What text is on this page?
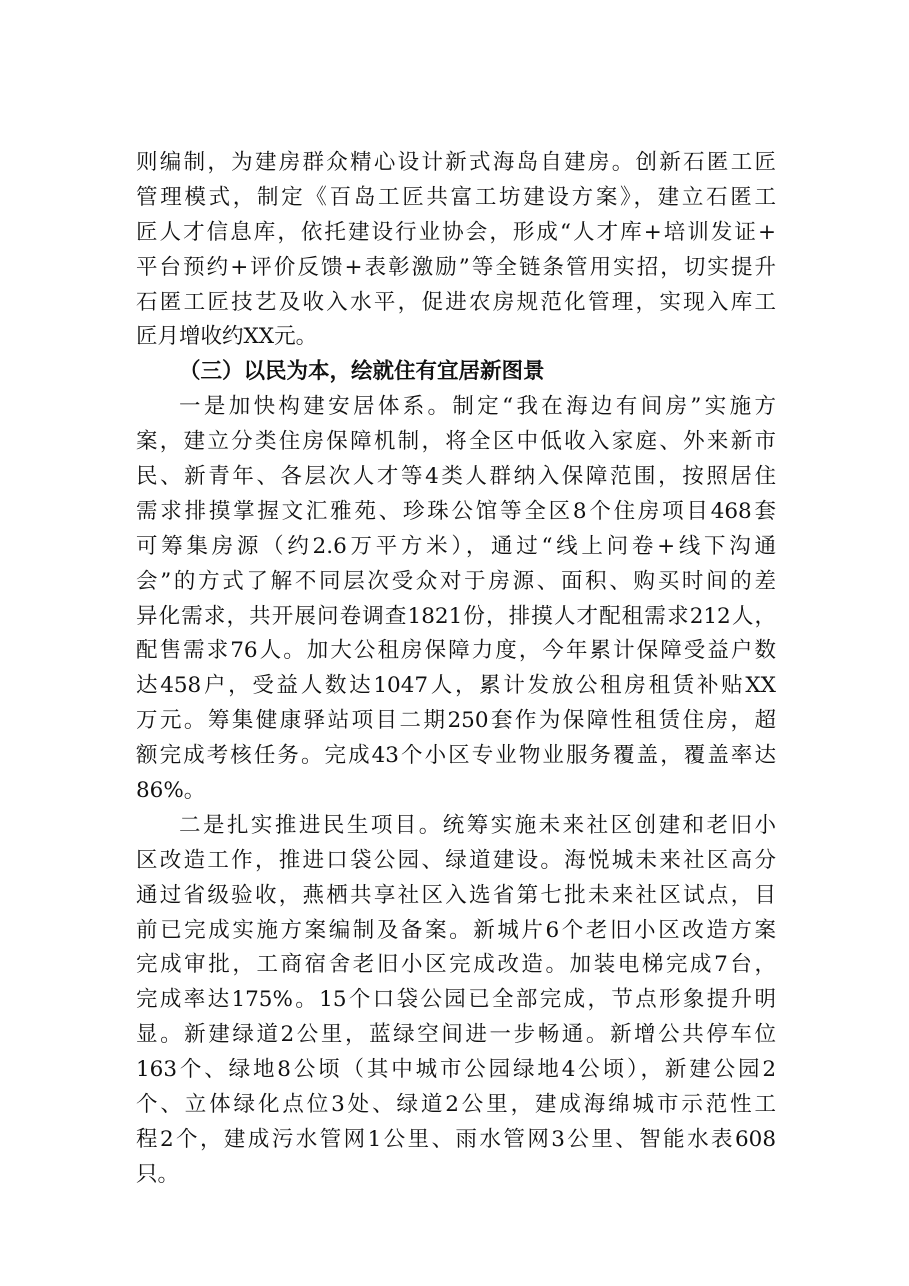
则编制，为建房群众精心设计新式海岛自建房。创新石匿工匠
管理模式，制定《百岛工匠共富工坊建设方案》，建立石匿工
匠人才信息库，依托建设行业协会，形成“人才库+培训发证+
平台预约+评价反馈+表彰激励”等全链条管用实招，切实提升
石匿工匠技艺及收入水平，促进农房规范化管理，实现入库工
匠月增收约XX元。
（三）以民为本，绘就住有宜居新图景
一是加快构建安居体系。制定“我在海边有间房”实施方
案，建立分类住房保障机制，将全区中低收入家庭、外来新市
民、新青年、各层次人才等4类人群纳入保障范围，按照居住
需求排摸掌握文汇雅苑、珍珠公馆等全区8个住房项目468套
可筹集房源（约2.6万平方米），通过“线上问卷+线下沟通
会”的方式了解不同层次受众对于房源、面积、购买时间的差
异化需求，共开展问卷调查1821份，排摸人才配租需求212人，
配售需求76人。加大公租房保障力度，今年累计保障受益户数
达458户，受益人数达1047人，累计发放公租房租赁补贴XX
万元。筹集健康驿站项目二期250套作为保障性租赁住房，超
额完成考核任务。完成43个小区专业物业服务覆盖，覆盖率达
86%。
二是扎实推进民生项目。统筹实施未来社区创建和老旧小
区改造工作，推进口袋公园、绿道建设。海悦城未来社区高分
通过省级验收，燕栖共享社区入选省第七批未来社区试点，目
前已完成实施方案编制及备案。新城片6个老旧小区改造方案
完成审批，工商宿舍老旧小区完成改造。加装电梯完成7台，
完成率达175%。15个口袋公园已全部完成，节点形象提升明
显。新建绿道2公里，蓝绿空间进一步畅通。新增公共停车位
163个、绿地8公顷（其中城市公园绿地4公顷），新建公园2
个、立体绿化点位3处、绿道2公里，建成海绵城市示范性工
程2个，建成污水管网1公里、雨水管网3公里、智能水表608
只。
